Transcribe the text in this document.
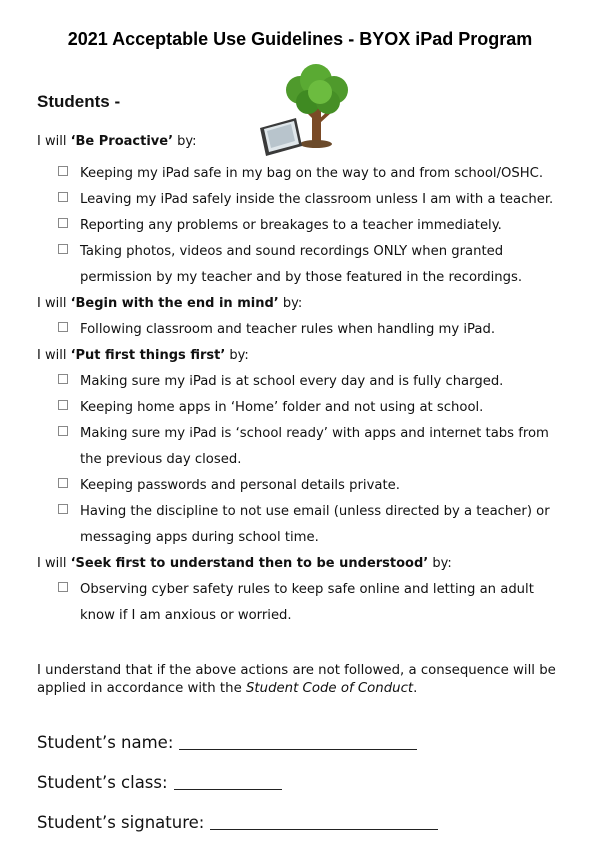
2021 Acceptable Use Guidelines - BYOX iPad Program
Students -
I will ‘Be Proactive’ by:
Keeping my iPad safe in my bag on the way to and from school/OSHC.
Leaving my iPad safely inside the classroom unless I am with a teacher.
Reporting any problems or breakages to a teacher immediately.
Taking photos, videos and sound recordings ONLY when granted
permission by my teacher and by those featured in the recordings.
I will ‘Begin with the end in mind’ by:
Following classroom and teacher rules when handling my iPad.
I will ‘Put first things first’ by:
Making sure my iPad is at school every day and is fully charged.
Keeping home apps in ‘Home’ folder and not using at school.
Making sure my iPad is ‘school ready’ with apps and internet tabs from
the previous day closed.
Keeping passwords and personal details private.
Having the discipline to not use email (unless directed by a teacher) or
messaging apps during school time.
I will ‘Seek first to understand then to be understood’ by:
Observing cyber safety rules to keep safe online and letting an adult
know if I am anxious or worried.
I understand that if the above actions are not followed, a consequence will be applied in accordance with the Student Code of Conduct.
Student’s name:
Student’s class:
Student’s signature:
